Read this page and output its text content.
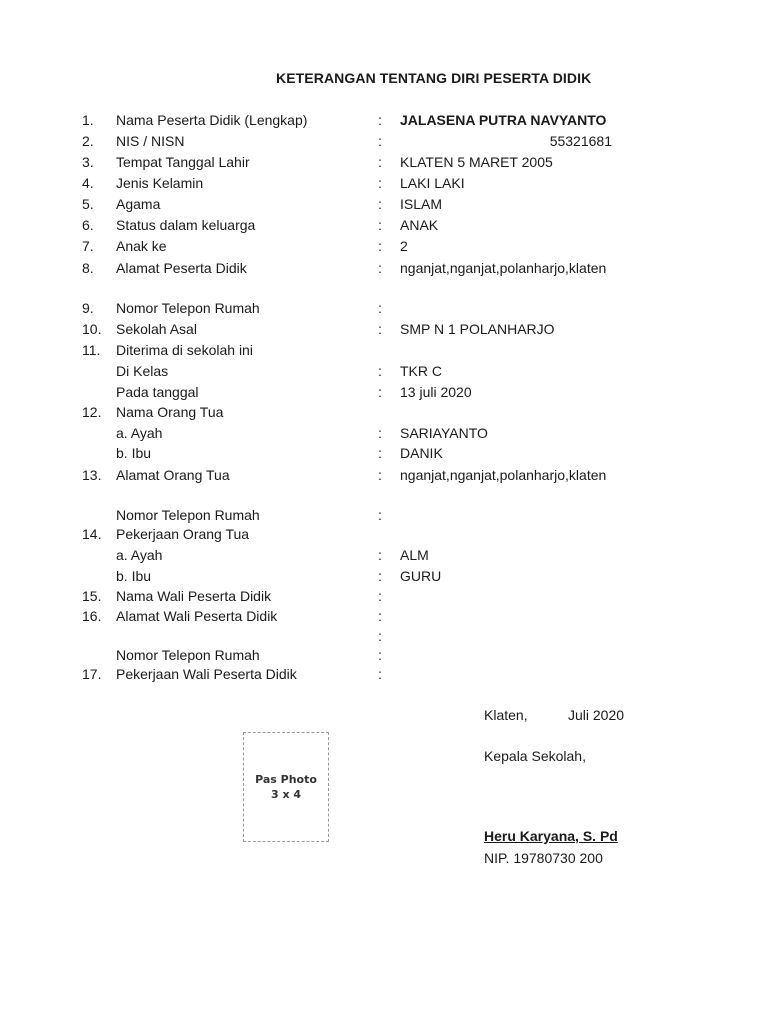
KETERANGAN TENTANG DIRI PESERTA DIDIK
1.	Nama Peserta Didik (Lengkap)	: JALASENA PUTRA NAVYANTO
2.	NIS / NISN	:	55321681
3.	Tempat Tanggal Lahir	: KLATEN 5 MARET 2005
4.	Jenis Kelamin	: LAKI LAKI
5.	Agama	: ISLAM
6.	Status dalam keluarga	: ANAK
7.	Anak ke	: 2
8.	Alamat Peserta Didik	: nganjat,nganjat,polanharjo,klaten
9.	Nomor Telepon Rumah	:
10.	Sekolah Asal	: SMP N 1 POLANHARJO
11.	Diterima di sekolah ini
Di Kelas	: TKR C
Pada tanggal	: 13 juli 2020
12.	Nama Orang Tua
a. Ayah	: SARIAYANTO
b. Ibu	: DANIK
13.	Alamat Orang Tua	: nganjat,nganjat,polanharjo,klaten
Nomor Telepon Rumah	:
14.	Pekerjaan Orang Tua
a. Ayah	: ALM
b. Ibu	: GURU
15.	Nama Wali Peserta Didik	:
16.	Alamat Wali Peserta Didik	:
:
Nomor Telepon Rumah	:
17.	Pekerjaan Wali Peserta Didik	:
Klaten,	Juli 2020
Kepala Sekolah,
Heru Karyana, S. Pd
NIP. 19780730 200
Pas Photo
3 x 4
